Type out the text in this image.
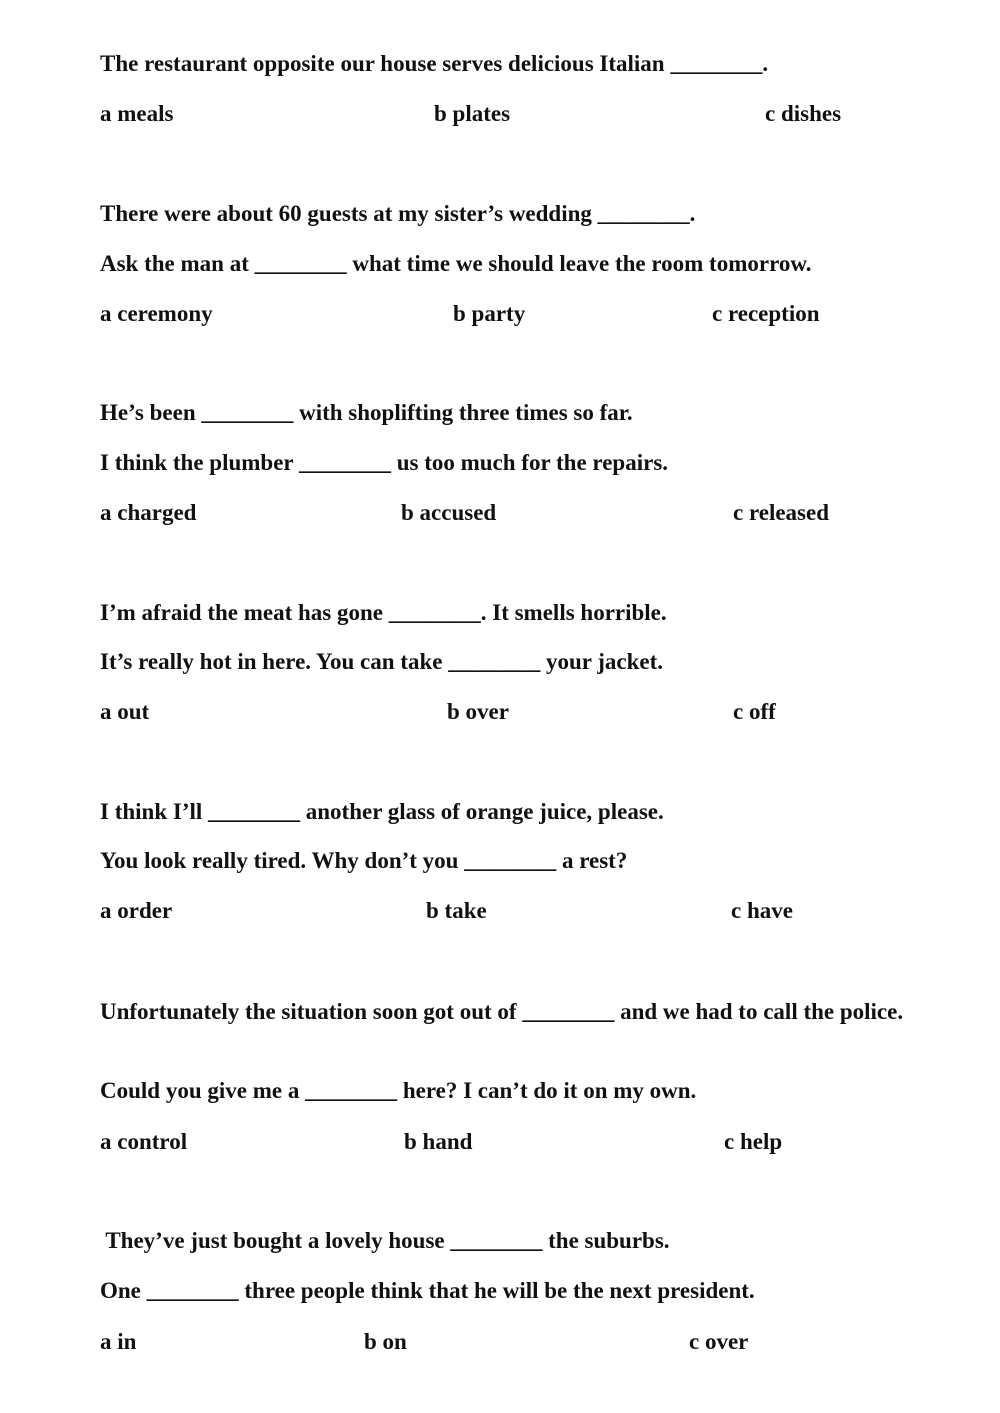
The restaurant opposite our house serves delicious Italian ________.
a meals	b plates	c dishes
There were about 60 guests at my sister’s wedding ________.
Ask the man at ________ what time we should leave the room tomorrow.
a ceremony	b party	c reception
He’s been ________ with shoplifting three times so far.
I think the plumber ________ us too much for the repairs.
a charged	b accused	c released
I’m afraid the meat has gone ________. It smells horrible.
It’s really hot in here. You can take ________ your jacket.
a out	b over	c off
I think I’ll ________ another glass of orange juice, please.
You look really tired. Why don’t you ________ a rest?
a order	b take	c have
Unfortunately the situation soon got out of ________ and we had to call the police.
Could you give me a ________ here? I can’t do it on my own.
a control	b hand	c help
They’ve just bought a lovely house ________ the suburbs.
One ________ three people think that he will be the next president.
a in	b on	c over
